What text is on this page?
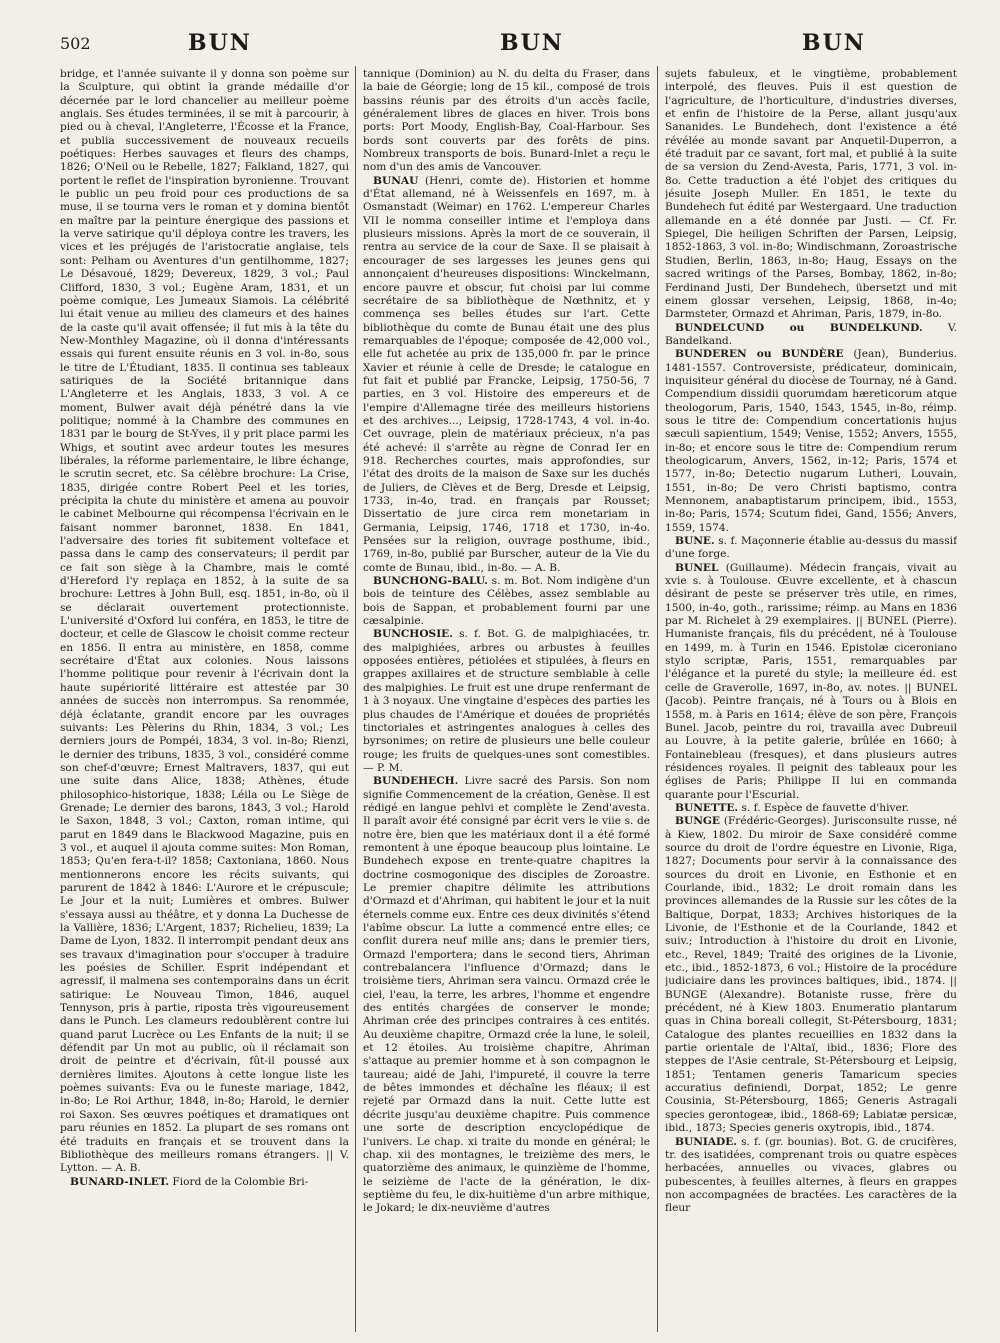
502	BUN	BUN	BUN

bridge, et l'année suivante il y donna son poème sur la Sculpture, qui obtint la grande médaille d'or décernée par le lord chancelier au meilleur poème anglais. Ses études terminées, il se mit à parcourir, à pied ou à cheval, l'Angleterre, l'Écosse et la France, et publia successivement de nouveaux recueils poétiques: Herbes sauvages et fleurs des champs, 1826; O'Neil ou le Rebelle, 1827; Falkland, 1827, qui portent le reflet de l'inspiration byronienne. Trouvant le public un peu froid pour ces productions de sa muse, il se tourna vers le roman et y domina bientôt en maître par la peinture énergique des passions et la verve satirique qu'il déploya contre les travers, les vices et les préjugés de l'aristocratie anglaise, tels sont: Pelham ou Aventures d'un gentilhomme, 1827; Le Désavoué, 1829; Devereux, 1829, 3 vol.; Paul Clifford, 1830, 3 vol.; Eugène Aram, 1831, et un poème comique, Les Jumeaux Siamois. La célébrité lui était venue au milieu des clameurs et des haines de la caste qu'il avait offensée; il fut mis à la tête du New-Monthley Magazine, où il donna d'intéressants essais qui furent ensuite réunis en 3 vol. in-8o, sous le titre de L'Étudiant, 1835. Il continua ses tableaux satiriques de la Société britannique dans L'Angleterre et les Anglais, 1833, 3 vol. A ce moment, Bulwer avait déjà pénétré dans la vie politique; nommé à la Chambre des communes en 1831 par le bourg de St-Yves, il y prit place parmi les Whigs, et soutint avec ardeur toutes les mesures libérales, la réforme parlementaire, le libre échange, le scrutin secret, etc. Sa célèbre brochure: La Crise, 1835, dirigée contre Robert Peel et les tories, précipita la chute du ministère et amena au pouvoir le cabinet Melbourne qui récompensa l'écrivain en le faisant nommer baronnet, 1838. En 1841, l'adversaire des tories fit subitement volteface et passa dans le camp des conservateurs; il perdit par ce fait son siège à la Chambre, mais le comté d'Hereford l'y replaça en 1852, à la suite de sa brochure: Lettres à John Bull, esq. 1851, in-8o, où il se déclarait ouvertement protectionniste. L'université d'Oxford lui conféra, en 1853, le titre de docteur, et celle de Glascow le choisit comme recteur en 1856. Il entra au ministère, en 1858, comme secrétaire d'État aux colonies. Nous laissons l'homme politique pour revenir à l'écrivain dont la haute supériorité littéraire est attestée par 30 années de succès non interrompus. Sa renommée, déjà éclatante, grandit encore par les ouvrages suivants: Les Pèlerins du Rhin, 1834, 3 vol.; Les derniers jours de Pompéi, 1834, 3 vol. in-8o; Rienzi, le dernier des tribuns, 1835, 3 vol., considéré comme son chef-d'œuvre; Ernest Maltravers, 1837, qui eut une suite dans Alice, 1838; Athènes, étude philosophico-historique, 1838; Léila ou Le Siège de Grenade; Le dernier des barons, 1843, 3 vol.; Harold le Saxon, 1848, 3 vol.; Caxton, roman intime, qui parut en 1849 dans le Blackwood Magazine, puis en 3 vol., et auquel il ajouta comme suites: Mon Roman, 1853; Qu'en fera-t-il? 1858; Caxtoniana, 1860. Nous mentionnerons encore les récits suivants, qui parurent de 1842 à 1846: L'Aurore et le crépuscule; Le Jour et la nuit; Lumières et ombres. Bulwer s'essaya aussi au théâtre, et y donna La Duchesse de la Vallière, 1836; L'Argent, 1837; Richelieu, 1839; La Dame de Lyon, 1832. Il interrompit pendant deux ans ses travaux d'imagination pour s'occuper à traduire les poésies de Schiller. Esprit indépendant et agressif, il malmena ses contemporains dans un écrit satirique: Le Nouveau Timon, 1846, auquel Tennyson, pris à partie, riposta très vigoureusement dans le Punch. Les clameurs redoublèrent contre lui quand parut Lucrèce ou Les Enfants de la nuit; il se défendit par Un mot au public, où il réclamait son droit de peintre et d'écrivain, fût-il poussé aux dernières limites. Ajoutons à cette longue liste les poèmes suivants: Eva ou le funeste mariage, 1842, in-8o; Le Roi Arthur, 1848, in-8o; Harold, le dernier roi Saxon. Ses œuvres poétiques et dramatiques ont paru réunies en 1852. La plupart de ses romans ont été traduits en français et se trouvent dans la Bibliothèque des meilleurs romans étrangers. || V. Lytton. — A. B.

BUNARD-INLET. Fiord de la Colombie Bri-

tannique (Dominion) au N. du delta du Fraser, dans la baie de Géorgie; long de 15 kil., composé de trois bassins réunis par des étroits d'un accès facile, généralement libres de glaces en hiver. Trois bons ports: Port Moody, English-Bay, Coal-Harbour. Ses bords sont couverts par des forêts de pins. Nombreux transports de bois. Bunard-Inlet a reçu le nom d'un des amis de Vancouver.

BUNAU (Henri, comte de). Historien et homme d'État allemand, né à Weissenfels en 1697, m. à Osmanstadt (Weimar) en 1762. L'empereur Charles VII le nomma conseiller intime et l'employa dans plusieurs missions. Après la mort de ce souverain, il rentra au service de la cour de Saxe. Il se plaisait à encourager de ses largesses les jeunes gens qui annonçaient d'heureuses dispositions: Winckelmann, encore pauvre et obscur, fut choisi par lui comme secrétaire de sa bibliothèque de Nœthnitz, et y commença ses belles études sur l'art. Cette bibliothèque du comte de Bunau était une des plus remarquables de l'époque; composée de 42,000 vol., elle fut achetée au prix de 135,000 fr. par le prince Xavier et réunie à celle de Dresde; le catalogue en fut fait et publié par Francke, Leipsig, 1750-56, 7 parties, en 3 vol. Histoire des empereurs et de l'empire d'Allemagne tirée des meilleurs historiens et des archives..., Leipsig, 1728-1743, 4 vol. in-4o. Cet ouvrage, plein de matériaux précieux, n'a pas été achevé: il s'arrête au règne de Conrad Ier en 918. Recherches courtes, mais approfondies, sur l'état des droits de la maison de Saxe sur les duchés de Juliers, de Clèves et de Berg, Dresde et Leipsig, 1733, in-4o, trad. en français par Rousset; Dissertatio de jure circa rem monetariam in Germania, Leipsig, 1746, 1718 et 1730, in-4o. Pensées sur la religion, ouvrage posthume, ibid., 1769, in-8o, publié par Burscher, auteur de la Vie du comte de Bunau, ibid., in-8o. — A. B.

BUNCHONG-BALU. s. m. Bot. Nom indigène d'un bois de teinture des Célèbes, assez semblable au bois de Sappan, et probablement fourni par une cæsalpinie.

BUNCHOSIE. s. f. Bot. G. de malpighiacées, tr. des malpighiées, arbres ou arbustes à feuilles opposées entières, pétiolées et stipulées, à fleurs en grappes axillaires et de structure semblable à celle des malpighies. Le fruit est une drupe renfermant de 1 à 3 noyaux. Une vingtaine d'espèces des parties les plus chaudes de l'Amérique et douées de propriétés tinctoriales et astringentes analogues à celles des byrsonimes; on retire de plusieurs une belle couleur rouge; les fruits de quelques-unes sont comestibles. — P. M.

BUNDEHECH. Livre sacré des Parsis. Son nom signifie Commencement de la création, Genèse. Il est rédigé en langue pehlvi et complète le Zend'avesta. Il paraît avoir été consigné par écrit vers le viie s. de notre ère, bien que les matériaux dont il a été formé remontent à une époque beaucoup plus lointaine. Le Bundehech expose en trente-quatre chapitres la doctrine cosmogonique des disciples de Zoroastre. Le premier chapitre délimite les attributions d'Ormazd et d'Ahriman, qui habitent le jour et la nuit éternels comme eux. Entre ces deux divinités s'étend l'abîme obscur. La lutte a commencé entre elles; ce conflit durera neuf mille ans; dans le premier tiers, Ormazd l'emportera; dans le second tiers, Ahriman contrebalancera l'influence d'Ormazd; dans le troisième tiers, Ahriman sera vaincu. Ormazd crée le ciel, l'eau, la terre, les arbres, l'homme et engendre des entités chargées de conserver le monde; Ahriman crée des principes contraires à ces entités. Au deuxième chapitre, Ormazd crée la lune, le soleil, et 12 étoiles. Au troisième chapitre, Ahriman s'attaque au premier homme et à son compagnon le taureau; aidé de Jahi, l'impureté, il couvre la terre de bêtes immondes et déchaîne les fléaux; il est rejeté par Ormazd dans la nuit. Cette lutte est décrite jusqu'au deuxième chapitre. Puis commence une sorte de description encyclopédique de l'univers. Le chap. xi traite du monde en général; le chap. xii des montagnes, le treizième des mers, le quatorzième des animaux, le quinzième de l'homme, le seizième de l'acte de la génération, le dix-septième du feu, le dix-huitième d'un arbre mithique, le Jokard; le dix-neuvième d'autres

sujets fabuleux, et le vingtième, probablement interpolé, des fleuves. Puis il est question de l'agriculture, de l'horticulture, d'industries diverses, et enfin de l'histoire de la Perse, allant jusqu'aux Sananides. Le Bundehech, dont l'existence a été révélée au monde savant par Anquetil-Duperron, a été traduit par ce savant, fort mal, et publié à la suite de sa version du Zend-Avesta, Paris, 1771, 3 vol. in-8o. Cette traduction a été l'objet des critiques du jésuite Joseph Muller. En 1851, le texte du Bundehech fut édité par Westergaard. Une traduction allemande en a été donnée par Justi. — Cf. Fr. Spiegel, Die heiligen Schriften der Parsen, Leipsig, 1852-1863, 3 vol. in-8o; Windischmann, Zoroastrische Studien, Berlin, 1863, in-8o; Haug, Essays on the sacred writings of the Parses, Bombay, 1862, in-8o; Ferdinand Justi, Der Bundehech, übersetzt und mit einem glossar versehen, Leipsig, 1868, in-4o; Darmsteter, Ormazd et Ahriman, Paris, 1879, in-8o.

BUNDELCUND ou BUNDELKUND. V. Bandelkand.

BUNDEREN ou BUNDÈRE (Jean), Bunderius. 1481-1557. Controversiste, prédicateur, dominicain, inquisiteur général du diocèse de Tournay, né à Gand. Compendium dissidii quorumdam hæreticorum atque theologorum, Paris, 1540, 1543, 1545, in-8o, réimp. sous le titre de: Compendium concertationis hujus sæculi sapientium, 1549; Venise, 1552; Anvers, 1555, in-8o; et encore sous le titre de: Compendium rerum theologicarum, Anvers, 1562, in-12; Paris, 1574 et 1577, in-8o; Detectio nugarum Lutheri, Louvain, 1551, in-8o; De vero Christi baptismo, contra Mennonem, anabaptistarum principem, ibid., 1553, in-8o; Paris, 1574; Scutum fidei, Gand, 1556; Anvers, 1559, 1574.

BUNE. s. f. Maçonnerie établie au-dessus du massif d'une forge.

BUNEL (Guillaume). Médecin français, vivait au xvie s. à Toulouse. Œuvre excellente, et à chascun désirant de peste se préserver très utile, en rimes, 1500, in-4o, goth., rarissime; réimp. au Mans en 1836 par M. Richelet à 29 exemplaires. || BUNEL (Pierre). Humaniste français, fils du précédent, né à Toulouse en 1499, m. à Turin en 1546. Epistolæ ciceroniano stylo scriptæ, Paris, 1551, remarquables par l'élégance et la pureté du style; la meilleure éd. est celle de Graverolle, 1697, in-8o, av. notes. || BUNEL (Jacob). Peintre français, né à Tours ou à Blois en 1558, m. à Paris en 1614; élève de son père, François Bunel. Jacob, peintre du roi, travailla avec Dubreuil au Louvre, à la petite galerie, brûlée en 1660; à Fontainebleau (fresques), et dans plusieurs autres résidences royales. Il peignit des tableaux pour les églises de Paris; Philippe II lui en commanda quarante pour l'Escurial.

BUNETTE. s. f. Espèce de fauvette d'hiver.

BUNGE (Frédéric-Georges). Jurisconsulte russe, né à Kiew, 1802. Du miroir de Saxe considéré comme source du droit de l'ordre équestre en Livonie, Riga, 1827; Documents pour servir à la connaissance des sources du droit en Livonie, en Esthonie et en Courlande, ibid., 1832; Le droit romain dans les provinces allemandes de la Russie sur les côtes de la Baltique, Dorpat, 1833; Archives historiques de la Livonie, de l'Esthonie et de la Courlande, 1842 et suiv.; Introduction à l'histoire du droit en Livonie, etc., Revel, 1849; Traité des origines de la Livonie, etc., ibid., 1852-1873, 6 vol.; Histoire de la procédure judiciaire dans les provinces baltiques, ibid., 1874. || BUNGE (Alexandre). Botaniste russe, frère du précédent, né à Kiew 1803. Enumeratio plantarum quas in China boreali collegit, St-Pétersbourg, 1831; Catalogue des plantes recueillies en 1832 dans la partie orientale de l'Altaï, ibid., 1836; Flore des steppes de l'Asie centrale, St-Pétersbourg et Leipsig, 1851; Tentamen generis Tamaricum species accuratius definiendi, Dorpat, 1852; Le genre Cousinia, St-Pétersbourg, 1865; Generis Astragali species gerontogeæ, ibid., 1868-69; Labiatæ persicæ, ibid., 1873; Species generis oxytropis, ibid., 1874.

BUNIADE. s. f. (gr. bounias). Bot. G. de crucifères, tr. des isatidées, comprenant trois ou quatre espèces herbacées, annuelles ou vivaces, glabres ou pubescentes, à feuilles alternes, à fleurs en grappes non accompagnées de bractées. Les caractères de la fleur
